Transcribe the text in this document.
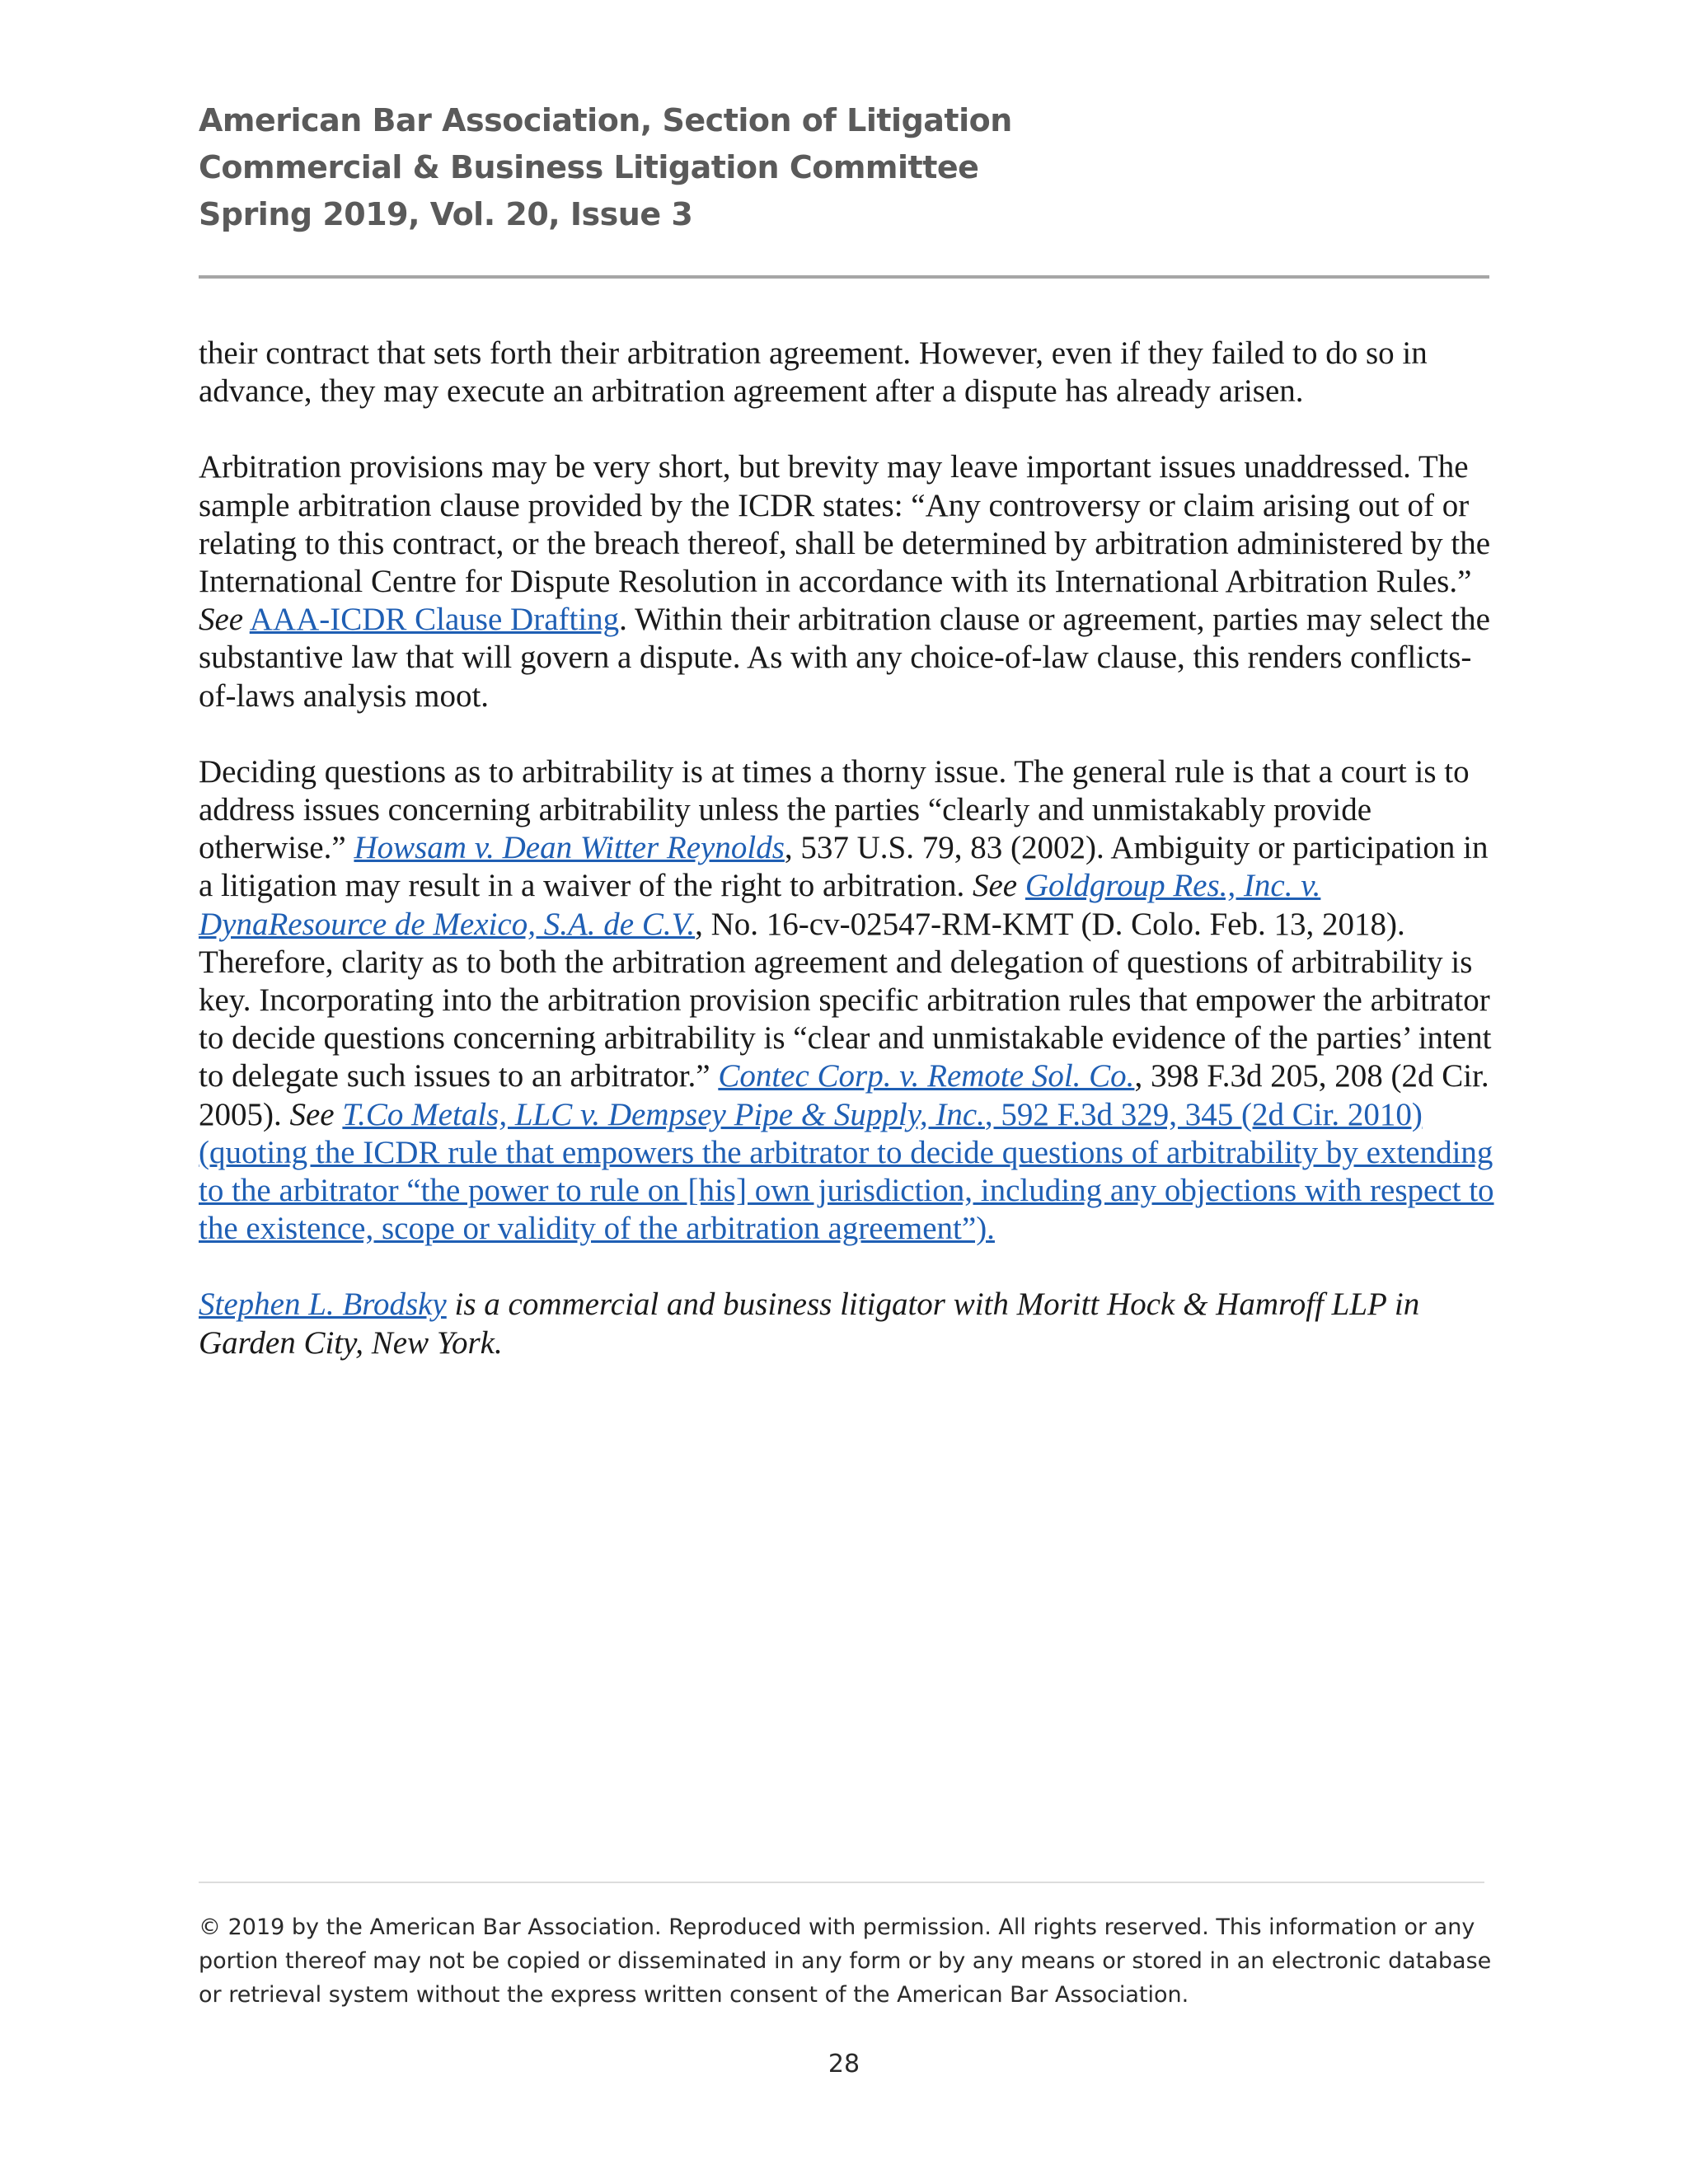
American Bar Association, Section of Litigation
Commercial & Business Litigation Committee
Spring 2019, Vol. 20, Issue 3

their contract that sets forth their arbitration agreement. However, even if they failed to do so in advance, they may execute an arbitration agreement after a dispute has already arisen.

Arbitration provisions may be very short, but brevity may leave important issues unaddressed. The sample arbitration clause provided by the ICDR states: “Any controversy or claim arising out of or relating to this contract, or the breach thereof, shall be determined by arbitration administered by the International Centre for Dispute Resolution in accordance with its International Arbitration Rules.” See AAA-ICDR Clause Drafting. Within their arbitration clause or agreement, parties may select the substantive law that will govern a dispute. As with any choice-of-law clause, this renders conflicts-of-laws analysis moot.

Deciding questions as to arbitrability is at times a thorny issue. The general rule is that a court is to address issues concerning arbitrability unless the parties “clearly and unmistakably provide otherwise.” Howsam v. Dean Witter Reynolds, 537 U.S. 79, 83 (2002). Ambiguity or participation in a litigation may result in a waiver of the right to arbitration. See Goldgroup Res., Inc. v. DynaResource de Mexico, S.A. de C.V., No. 16-cv-02547-RM-KMT (D. Colo. Feb. 13, 2018). Therefore, clarity as to both the arbitration agreement and delegation of questions of arbitrability is key. Incorporating into the arbitration provision specific arbitration rules that empower the arbitrator to decide questions concerning arbitrability is “clear and unmistakable evidence of the parties’ intent to delegate such issues to an arbitrator.” Contec Corp. v. Remote Sol. Co., 398 F.3d 205, 208 (2d Cir. 2005). See T.Co Metals, LLC v. Dempsey Pipe & Supply, Inc., 592 F.3d 329, 345 (2d Cir. 2010) (quoting the ICDR rule that empowers the arbitrator to decide questions of arbitrability by extending to the arbitrator “the power to rule on [his] own jurisdiction, including any objections with respect to the existence, scope or validity of the arbitration agreement”).

Stephen L. Brodsky is a commercial and business litigator with Moritt Hock & Hamroff LLP in Garden City, New York.

© 2019 by the American Bar Association. Reproduced with permission. All rights reserved. This information or any portion thereof may not be copied or disseminated in any form or by any means or stored in an electronic database or retrieval system without the express written consent of the American Bar Association.
28
